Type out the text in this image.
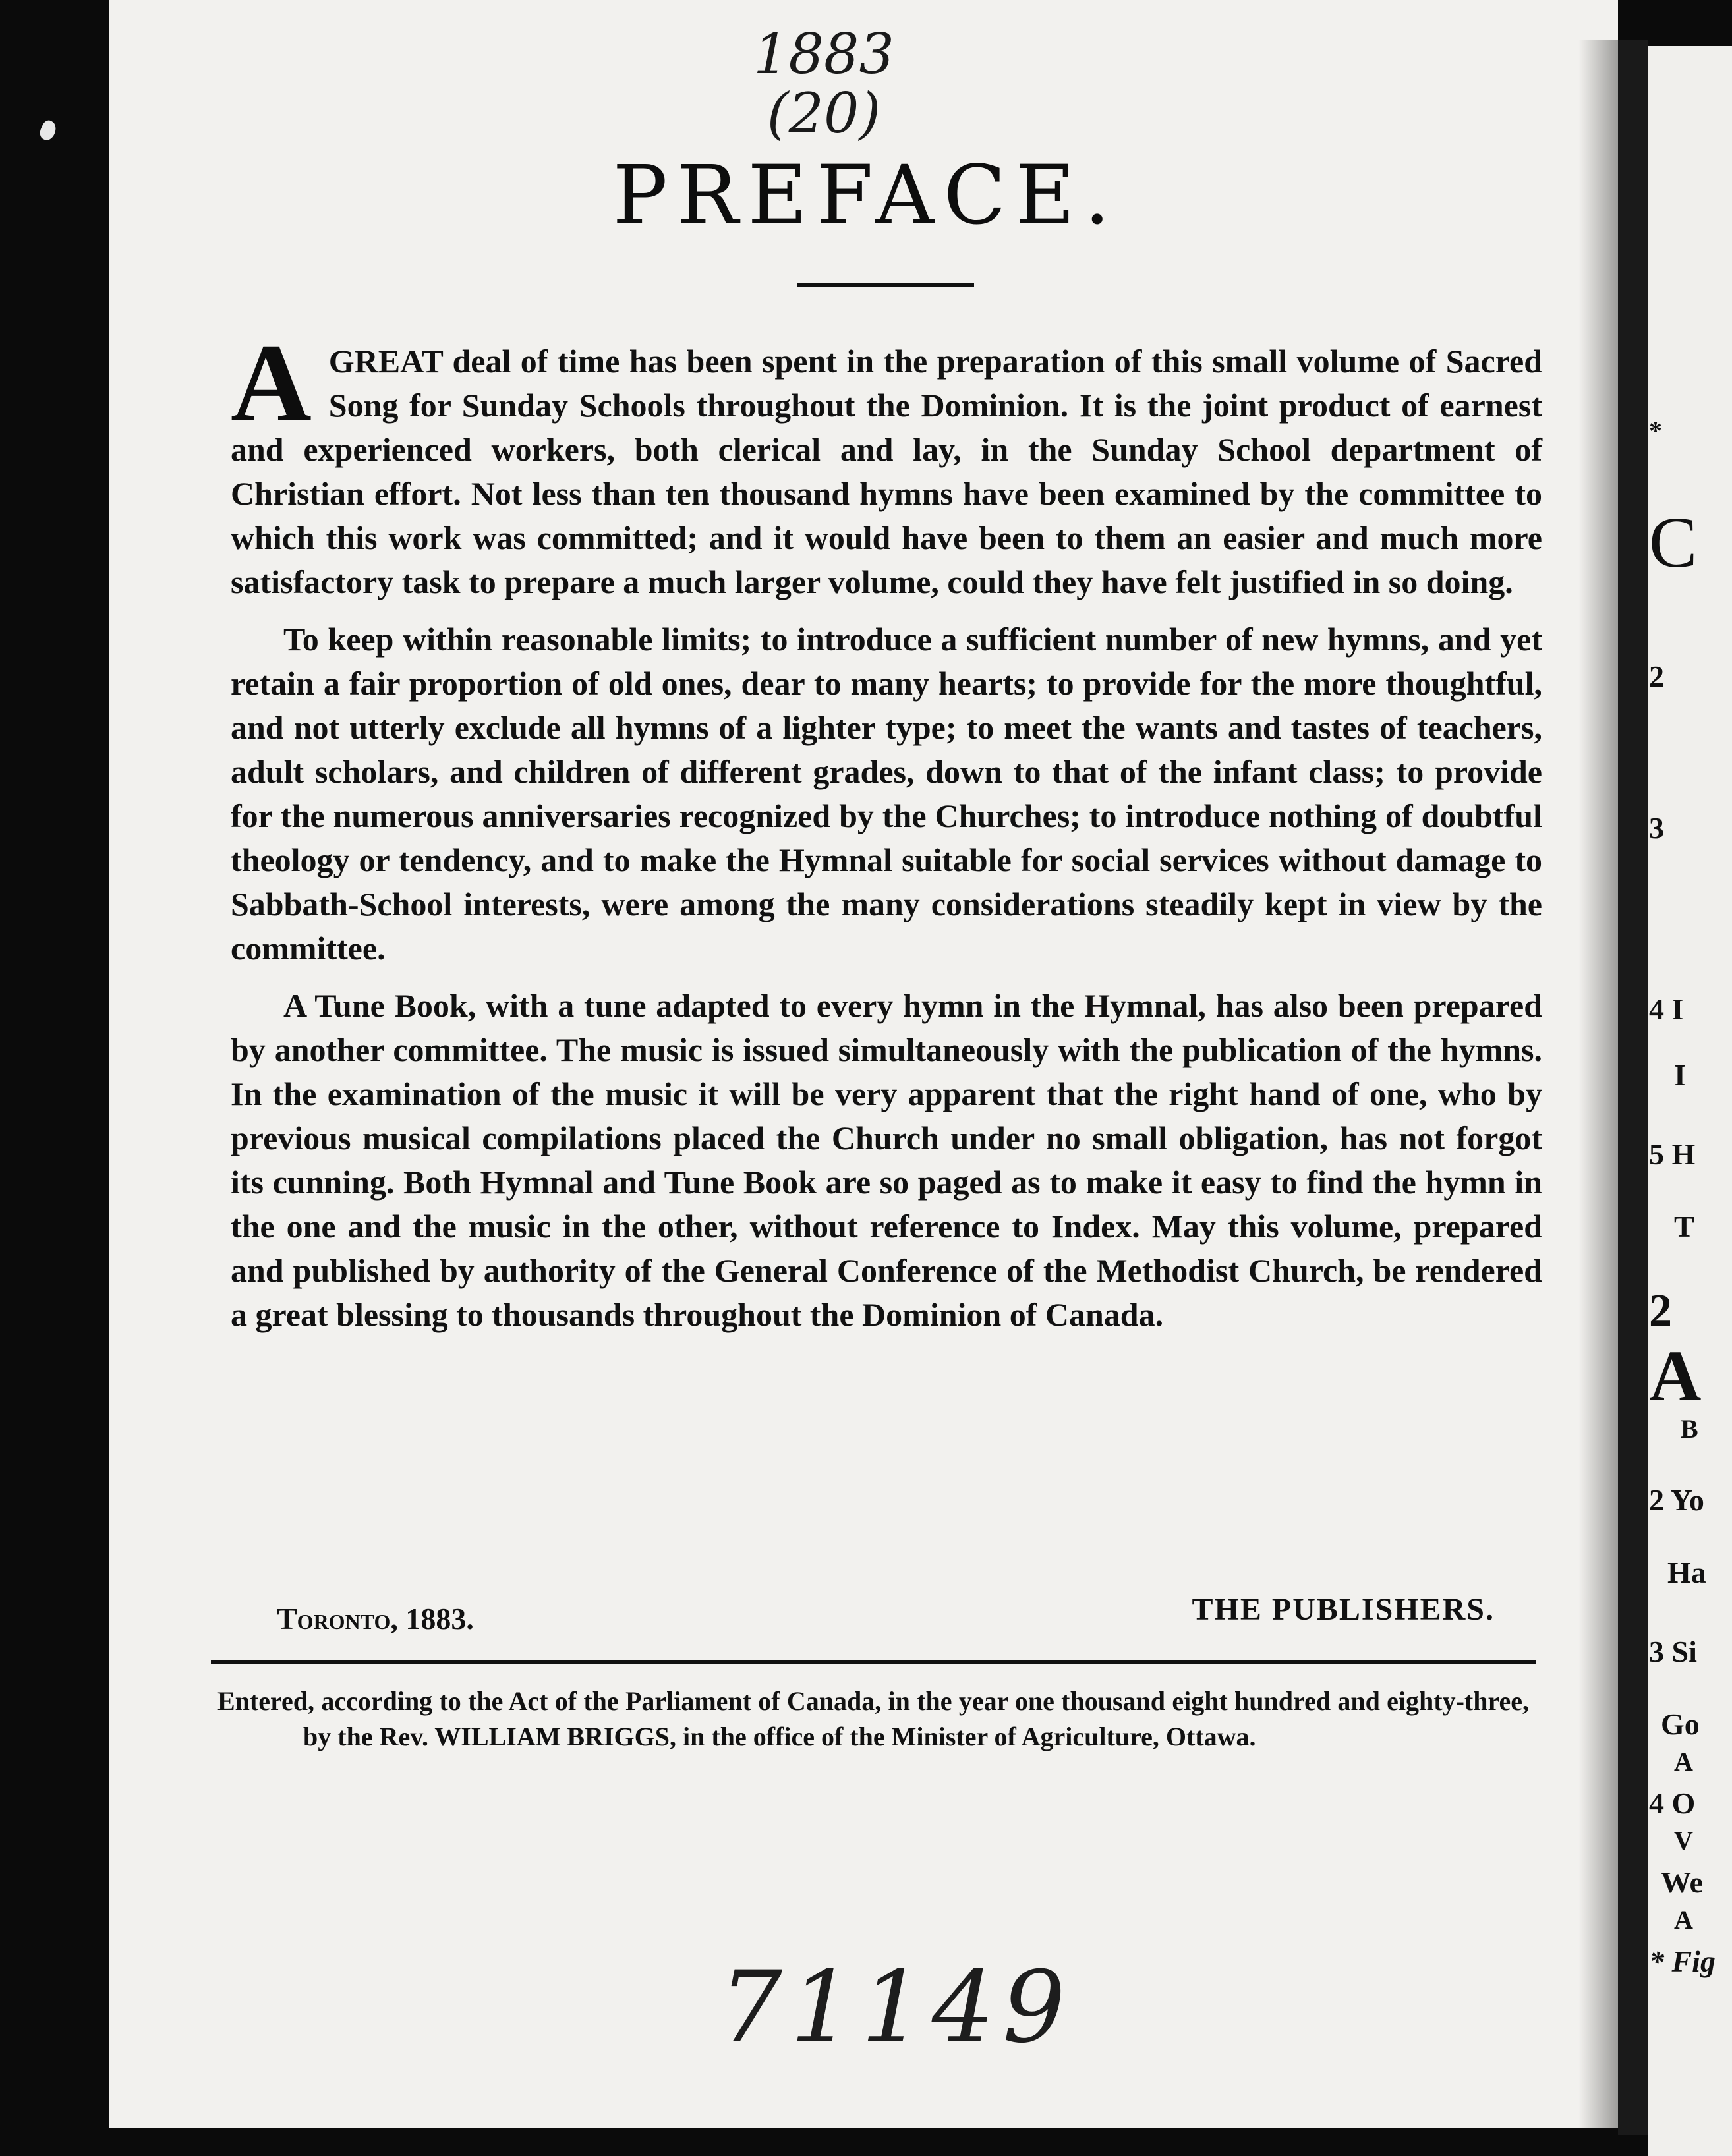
*
C
2
3
4 I
I
5 H
T
2
A
B
2 Yo
Ha
3 Si
Go
A
4 O
V
We
A
* Fig
1883
(20)
PREFACE.

AGREAT deal of time has been spent in the preparation of this small volume of Sacred Song for Sunday Schools throughout the Dominion. It is the joint product of earnest and experienced workers, both clerical and lay, in the Sunday School department of Christian effort. Not less than ten thousand hymns have been examined by the committee to which this work was committed; and it would have been to them an easier and much more satisfactory task to prepare a much larger volume, could they have felt justified in so doing.

To keep within reasonable limits; to introduce a sufficient number of new hymns, and yet retain a fair proportion of old ones, dear to many hearts; to provide for the more thoughtful, and not utterly exclude all hymns of a lighter type; to meet the wants and tastes of teachers, adult scholars, and children of different grades, down to that of the infant class; to provide for the numerous anniversaries recognized by the Churches; to introduce nothing of doubtful theology or tendency, and to make the Hymnal suitable for social services without damage to Sabbath-School interests, were among the many considerations steadily kept in view by the committee.

A Tune Book, with a tune adapted to every hymn in the Hymnal, has also been prepared by another committee. The music is issued simultaneously with the publication of the hymns. In the examination of the music it will be very apparent that the right hand of one, who by previous musical compilations placed the Church under no small obligation, has not forgot its cunning. Both Hymnal and Tune Book are so paged as to make it easy to find the hymn in the one and the music in the other, without reference to Index. May this volume, prepared and published by authority of the General Conference of the Methodist Church, be rendered a great blessing to thousands throughout the Dominion of Canada.

Toronto, 1883.	THE PUBLISHERS.
Entered, according to the Act of the Parliament of Canada, in the year one thousand eight hundred and eighty-three, by the Rev. WILLIAM BRIGGS, in the office of the Minister of Agriculture, Ottawa.
71149
